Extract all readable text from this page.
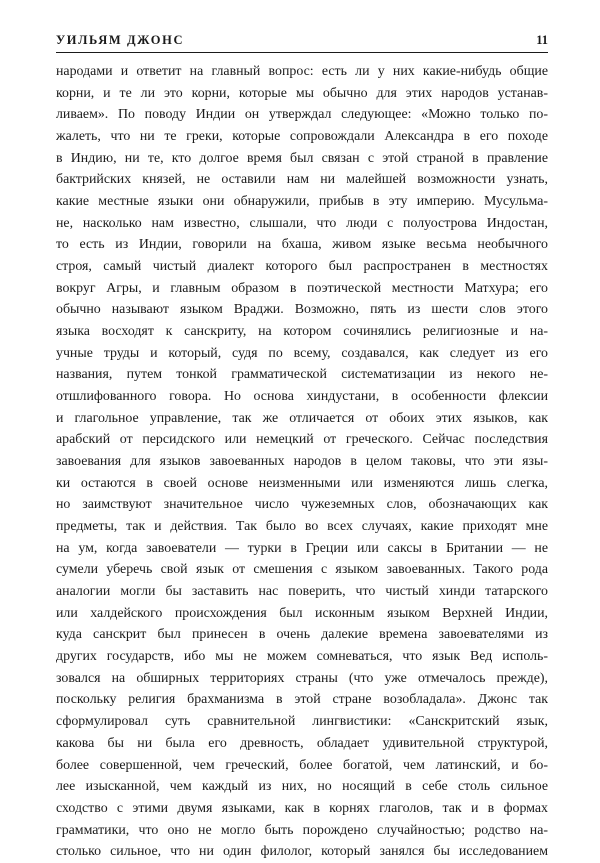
УИЛЬЯМ ДЖОНС	11
народами и ответит на главный вопрос: есть ли у них какие-нибудь общие
корни, и те ли это корни, которые мы обычно для этих народов устанав-
ливаем». По поводу Индии он утверждал следующее: «Можно только по-
жалеть, что ни те греки, которые сопровождали Александра в его походе
в Индию, ни те, кто долгое время был связан с этой страной в правление
бактрийских князей, не оставили нам ни малейшей возможности узнать,
какие местные языки они обнаружили, прибыв в эту империю. Мусульма-
не, насколько нам известно, слышали, что люди с полуострова Индостан,
то есть из Индии, говорили на бхаша, живом языке весьма необычного
строя, самый чистый диалект которого был распространен в местностях
вокруг Агры, и главным образом в поэтической местности Матхура; его
обычно называют языком Враджи. Возможно, пять из шести слов этого
языка восходят к санскриту, на котором сочинялись религиозные и на-
учные труды и который, судя по всему, создавался, как следует из его
названия, путем тонкой грамматической систематизации из некого не-
отшлифованного говора. Но основа хиндустани, в особенности флексии
и глагольное управление, так же отличается от обоих этих языков, как
арабский от персидского или немецкий от греческого. Сейчас последствия
завоевания для языков завоеванных народов в целом таковы, что эти язы-
ки остаются в своей основе неизменными или изменяются лишь слегка,
но заимствуют значительное число чужеземных слов, обозначающих как
предметы, так и действия. Так было во всех случаях, какие приходят мне
на ум, когда завоеватели — турки в Греции или саксы в Британии — не
сумели уберечь свой язык от смешения с языком завоеванных. Такого рода
аналогии могли бы заставить нас поверить, что чистый хинди татарского
или халдейского происхождения был исконным языком Верхней Индии,
куда санскрит был принесен в очень далекие времена завоевателями из
других государств, ибо мы не можем сомневаться, что язык Вед исполь-
зовался на обширных территориях страны (что уже отмечалось прежде),
поскольку религия брахманизма в этой стране возобладала». Джонс так
сформулировал суть сравнительной лингвистики: «Санскритский язык,
какова бы ни была его древность, обладает удивительной структурой,
более совершенной, чем греческий, более богатой, чем латинский, и бо-
лее изысканной, чем каждый из них, но носящий в себе столь сильное
сходство с этими двумя языками, как в корнях глаголов, так и в формах
грамматики, что оно не могло быть порождено случайностью; родство на-
столько сильное, что ни один филолог, который занялся бы исследованием
